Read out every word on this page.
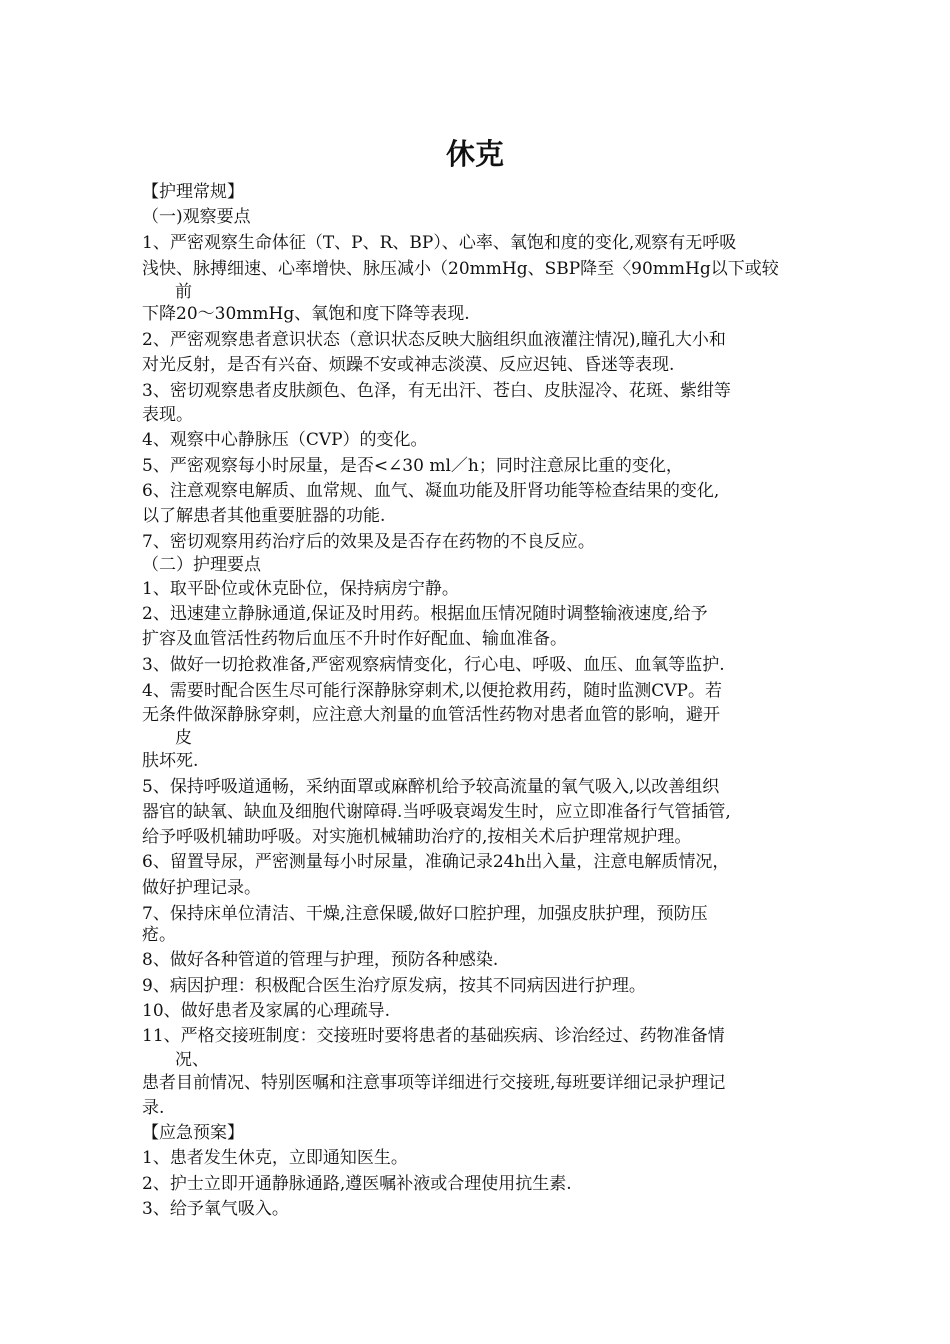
休克
【护理常规】
（一)观察要点
1、严密观察生命体征（T、P、R、BP）、心率、氧饱和度的变化,观察有无呼吸
浅快、脉搏细速、心率增快、脉压减小（20mmHg、SBP降至〈90mmHg以下或较
前
下降20～30mmHg、氧饱和度下降等表现.
2、严密观察患者意识状态（意识状态反映大脑组织血液灌注情况),瞳孔大小和
对光反射，是否有兴奋、烦躁不安或神志淡漠、反应迟钝、昏迷等表现.
3、密切观察患者皮肤颜色、色泽，有无出汗、苍白、皮肤湿冷、花斑、紫绀等
表现。
4、观察中心静脉压（CVP）的变化。
5、严密观察每小时尿量，是否<∠30 ml／h；同时注意尿比重的变化，
6、注意观察电解质、血常规、血气、凝血功能及肝肾功能等检查结果的变化,
以了解患者其他重要脏器的功能.
7、密切观察用药治疗后的效果及是否存在药物的不良反应。
（二）护理要点
1、取平卧位或休克卧位，保持病房宁静。
2、迅速建立静脉通道,保证及时用药。根据血压情况随时调整输液速度,给予
扩容及血管活性药物后血压不升时作好配血、输血准备。
3、做好一切抢救准备,严密观察病情变化，行心电、呼吸、血压、血氧等监护.
4、需要时配合医生尽可能行深静脉穿刺术,以便抢救用药，随时监测CVP。若
无条件做深静脉穿刺，应注意大剂量的血管活性药物对患者血管的影响，避开
皮
肤坏死.
5、保持呼吸道通畅，采纳面罩或麻醉机给予较高流量的氧气吸入,以改善组织
器官的缺氧、缺血及细胞代谢障碍.当呼吸衰竭发生时，应立即准备行气管插管,
给予呼吸机辅助呼吸。对实施机械辅助治疗的,按相关术后护理常规护理。
6、留置导尿，严密测量每小时尿量，准确记录24h出入量，注意电解质情况，
做好护理记录。
7、保持床单位清洁、干燥,注意保暖,做好口腔护理，加强皮肤护理，预防压
疮。
8、做好各种管道的管理与护理，预防各种感染.
9、病因护理：积极配合医生治疗原发病，按其不同病因进行护理。
10、做好患者及家属的心理疏导.
11、严格交接班制度：交接班时要将患者的基础疾病、诊治经过、药物准备情
况、
患者目前情况、特别医嘱和注意事项等详细进行交接班,每班要详细记录护理记
录.
【应急预案】
1、患者发生休克，立即通知医生。
2、护士立即开通静脉通路,遵医嘱补液或合理使用抗生素.
3、给予氧气吸入。
